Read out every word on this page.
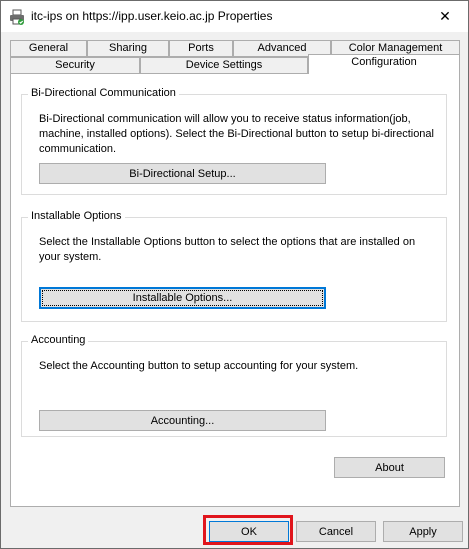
itc-ips on https://ipp.user.keio.ac.jp Properties	✕
General	Sharing	Ports	Advanced	Color Management
Security	Device Settings	Configuration
Bi-Directional Communication
Bi-Directional communication will allow you to receive status information(job, machine, installed options). Select the Bi-Directional button to setup bi-directional communication.
Bi-Directional Setup...
Installable Options
Select the Installable Options button to select the options that are installed on your system.
Installable Options...
Accounting
Select the Accounting button to setup accounting for your system.
Accounting...
About
OK	Cancel	Apply
